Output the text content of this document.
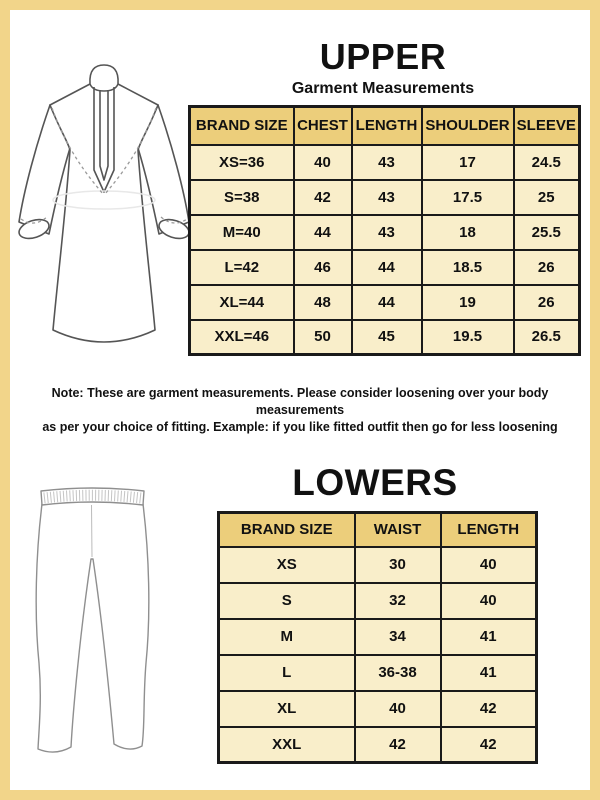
UPPER
Garment Measurements
BRAND SIZE	CHEST	LENGTH	SHOULDER	SLEEVE
XS=36	40	43	17	24.5
S=38	42	43	17.5	25
M=40	44	43	18	25.5
L=42	46	44	18.5	26
XL=44	48	44	19	26
XXL=46	50	45	19.5	26.5
Note: These are garment measurements. Please consider loosening over your body measurements
as per your choice of fitting. Example: if you like fitted outfit then go for less loosening
LOWERS
BRAND SIZE	WAIST	LENGTH
XS	30	40
S	32	40
M	34	41
L	36-38	41
XL	40	42
XXL	42	42
